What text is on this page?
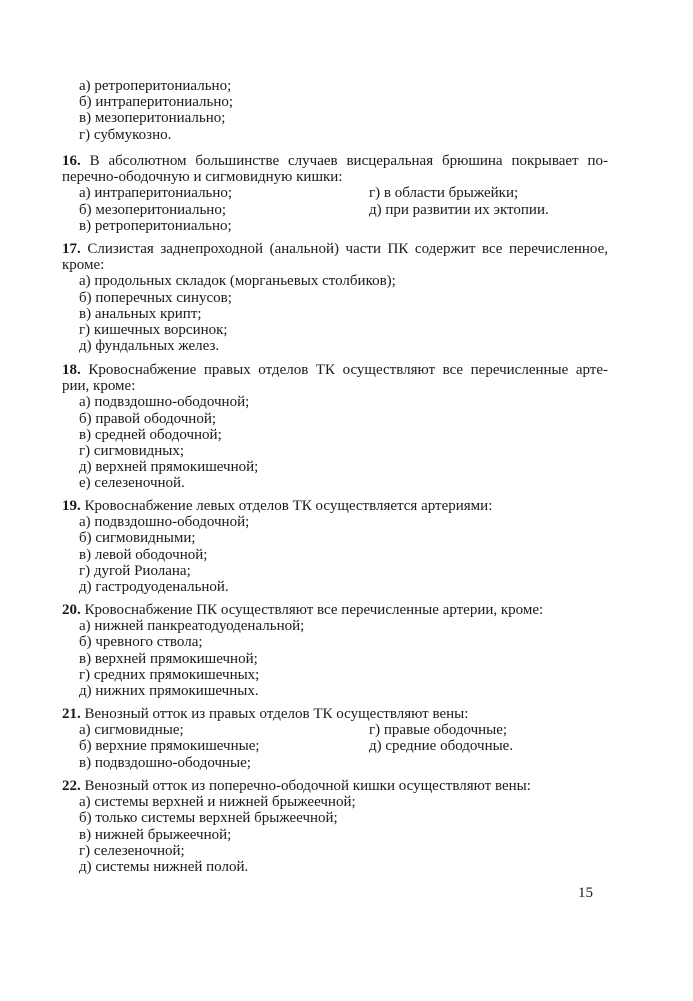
а) ретроперитониально;
б) интраперитониально;
в) мезоперитониально;
г) субмукозно.
16. В абсолютном большинстве случаев висцеральная брюшина покрывает по-
перечно-ободочную и сигмовидную кишки:
а) интраперитониально;	г) в области брыжейки;
б) мезоперитониально;	д) при развитии их эктопии.
в) ретроперитониально;
17. Слизистая заднепроходной (анальной) части ПК содержит все перечисленное,
кроме:
а) продольных складок (морганьевых столбиков);
б) поперечных синусов;
в) анальных крипт;
г) кишечных ворсинок;
д) фундальных желез.
18. Кровоснабжение правых отделов ТК осуществляют все перечисленные арте-
рии, кроме:
а) подвздошно-ободочной;
б) правой ободочной;
в) средней ободочной;
г) сигмовидных;
д) верхней прямокишечной;
е) селезеночной.
19. Кровоснабжение левых отделов ТК осуществляется артериями:
а) подвздошно-ободочной;
б) сигмовидными;
в) левой ободочной;
г) дугой Риолана;
д) гастродуоденальной.
20. Кровоснабжение ПК осуществляют все перечисленные артерии, кроме:
а) нижней панкреатодуоденальной;
б) чревного ствола;
в) верхней прямокишечной;
г) средних прямокишечных;
д) нижних прямокишечных.
21. Венозный отток из правых отделов ТК осуществляют вены:
а) сигмовидные;	г) правые ободочные;
б) верхние прямокишечные;	д) средние ободочные.
в) подвздошно-ободочные;
22. Венозный отток из поперечно-ободочной кишки осуществляют вены:
а) системы верхней и нижней брыжеечной;
б) только системы верхней брыжеечной;
в) нижней брыжеечной;
г) селезеночной;
д) системы нижней полой.
15
